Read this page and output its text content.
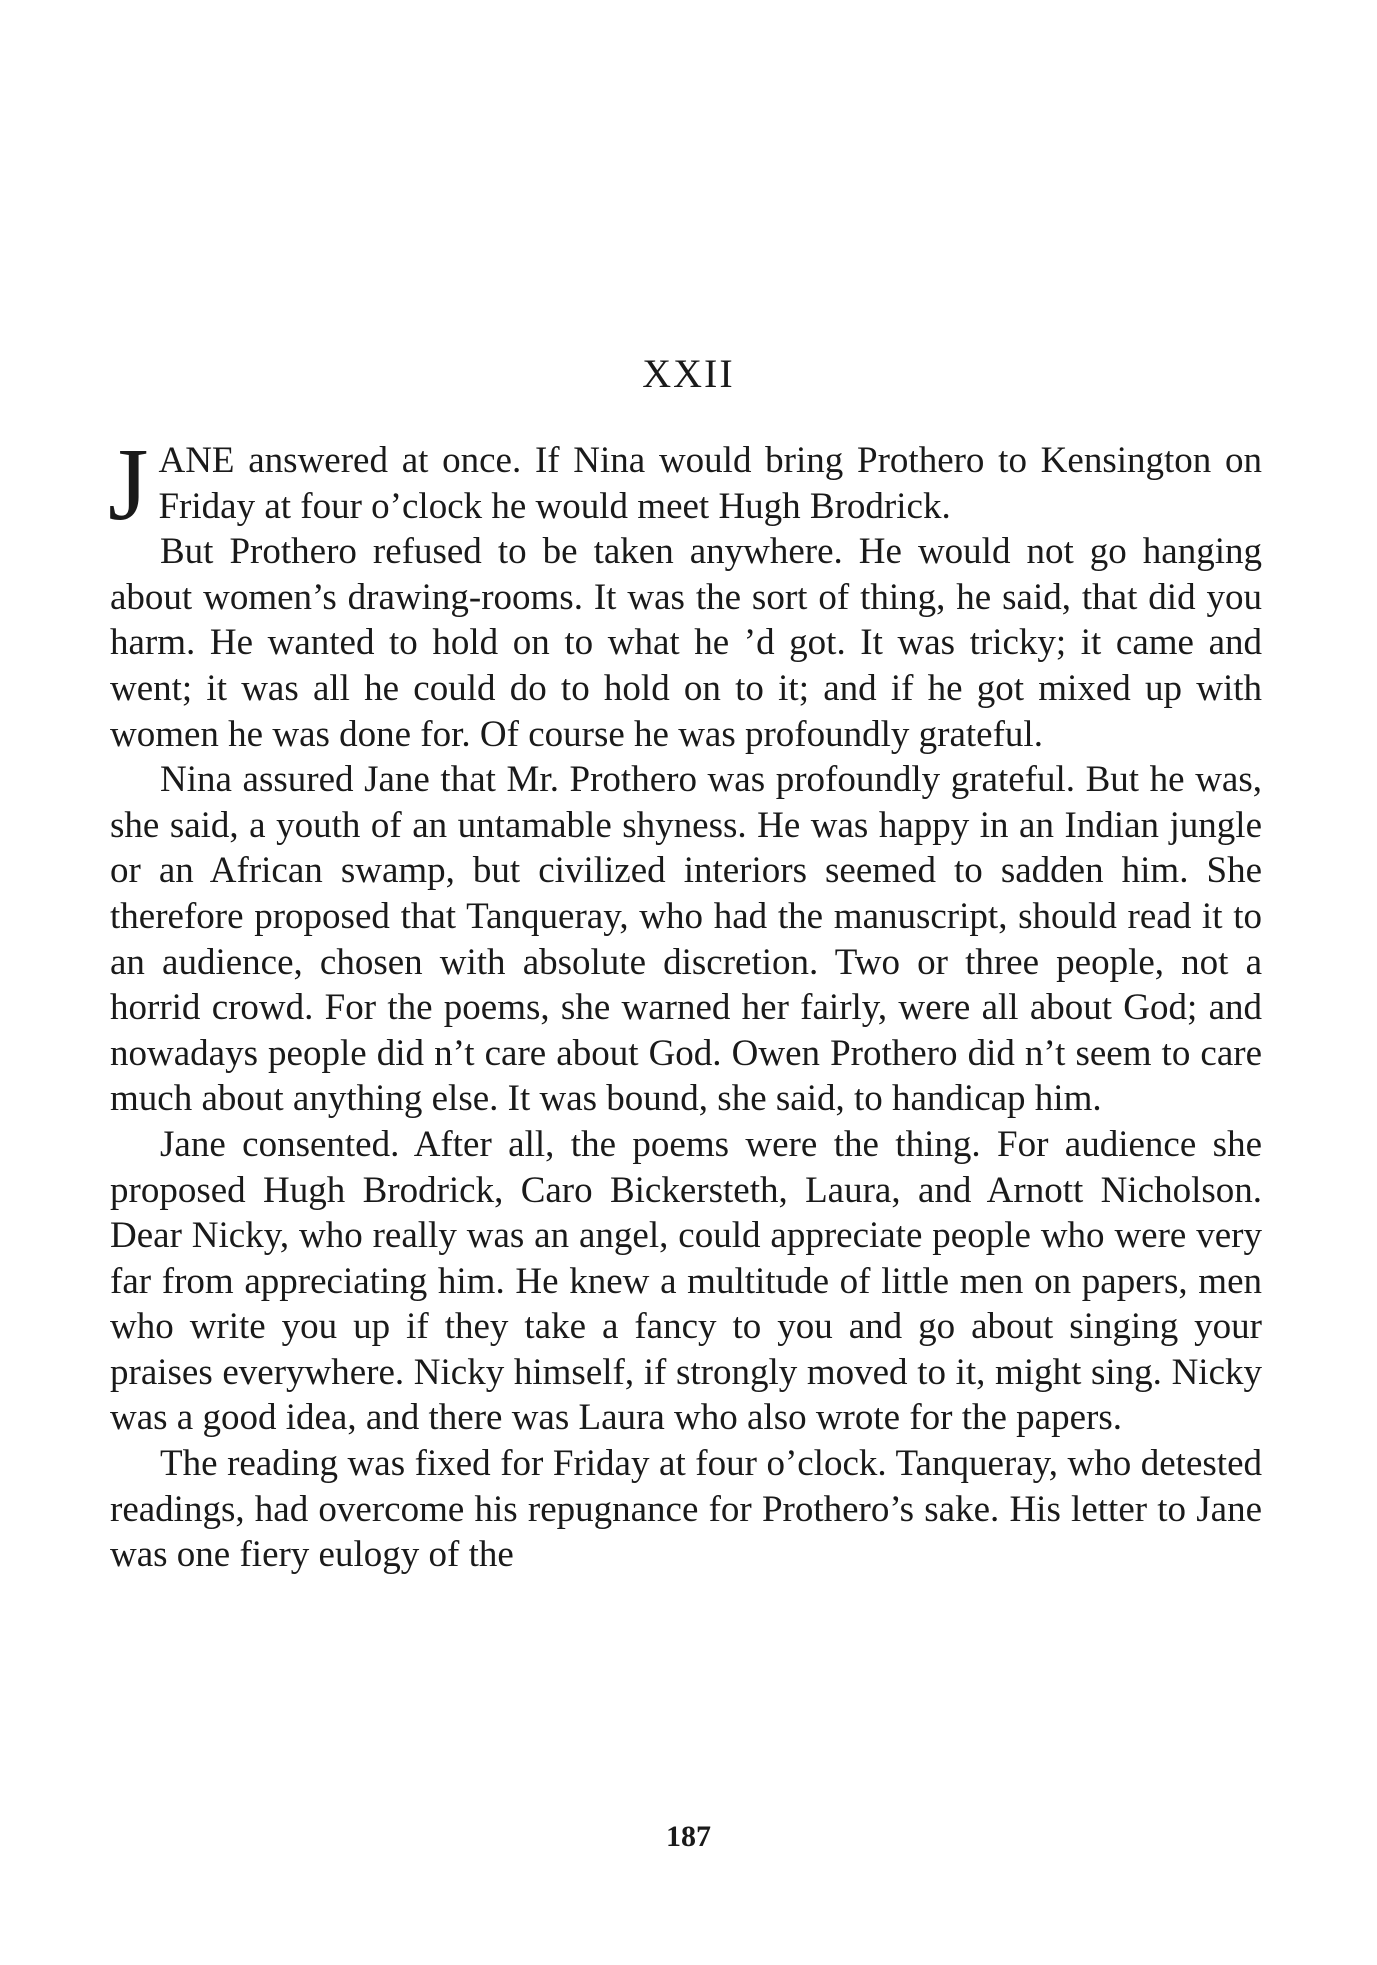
XXII

JANE answered at once. If Nina would bring Prothero to Kensington on Friday at four o’clock he would meet Hugh Brodrick.

But Prothero refused to be taken anywhere. He would not go hanging about women’s drawing-rooms. It was the sort of thing, he said, that did you harm. He wanted to hold on to what he ’d got. It was tricky; it came and went; it was all he could do to hold on to it; and if he got mixed up with women he was done for. Of course he was profoundly grateful.

Nina assured Jane that Mr. Prothero was profoundly grateful. But he was, she said, a youth of an untamable shyness. He was happy in an Indian jungle or an African swamp, but civilized interiors seemed to sadden him. She therefore proposed that Tanqueray, who had the manuscript, should read it to an audience, chosen with absolute discretion. Two or three people, not a horrid crowd. For the poems, she warned her fairly, were all about God; and nowadays people did n’t care about God. Owen Prothero did n’t seem to care much about anything else. It was bound, she said, to handicap him.

Jane consented. After all, the poems were the thing. For audience she proposed Hugh Brodrick, Caro Bickersteth, Laura, and Arnott Nicholson. Dear Nicky, who really was an angel, could appreciate people who were very far from appreciating him. He knew a multitude of little men on papers, men who write you up if they take a fancy to you and go about singing your praises everywhere. Nicky himself, if strongly moved to it, might sing. Nicky was a good idea, and there was Laura who also wrote for the papers.

The reading was fixed for Friday at four o’clock. Tanqueray, who detested readings, had overcome his repugnance for Prothero’s sake. His letter to Jane was one fiery eulogy of the

187
